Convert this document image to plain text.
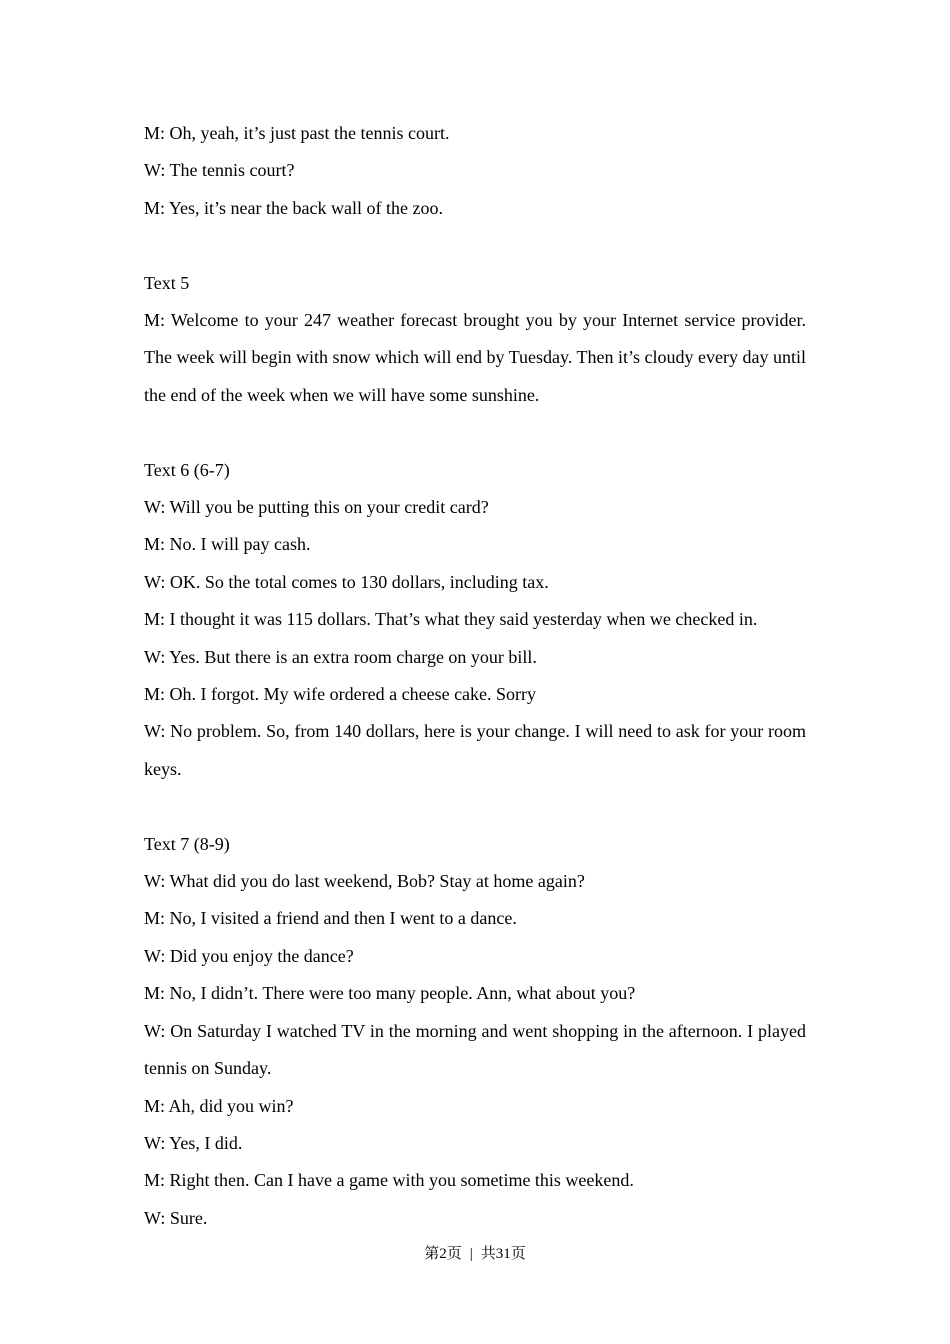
M: Oh, yeah, it’s just past the tennis court.

W: The tennis court?

M: Yes, it’s near the back wall of the zoo.

Text 5

M: Welcome to your 247 weather forecast brought you by your Internet service provider. The week will begin with snow which will end by Tuesday. Then it’s cloudy every day until the end of the week when we will have some sunshine.

Text 6 (6-7)

W: Will you be putting this on your credit card?

M: No. I will pay cash.

W: OK. So the total comes to 130 dollars, including tax.

M: I thought it was 115 dollars. That’s what they said yesterday when we checked in.

W: Yes. But there is an extra room charge on your bill.

M: Oh. I forgot. My wife ordered a cheese cake. Sorry

W: No problem. So, from 140 dollars, here is your change. I will need to ask for your room keys.

Text 7 (8-9)

W: What did you do last weekend, Bob? Stay at home again?

M: No, I visited a friend and then I went to a dance.

W: Did you enjoy the dance?

M: No, I didn’t. There were too many people. Ann, what about you?

W: On Saturday I watched TV in the morning and went shopping in the afternoon. I played tennis on Sunday.

M: Ah, did you win?

W: Yes, I did.

M: Right then. Can I have a game with you sometime this weekend.

W: Sure.

第2页 | 共31页
